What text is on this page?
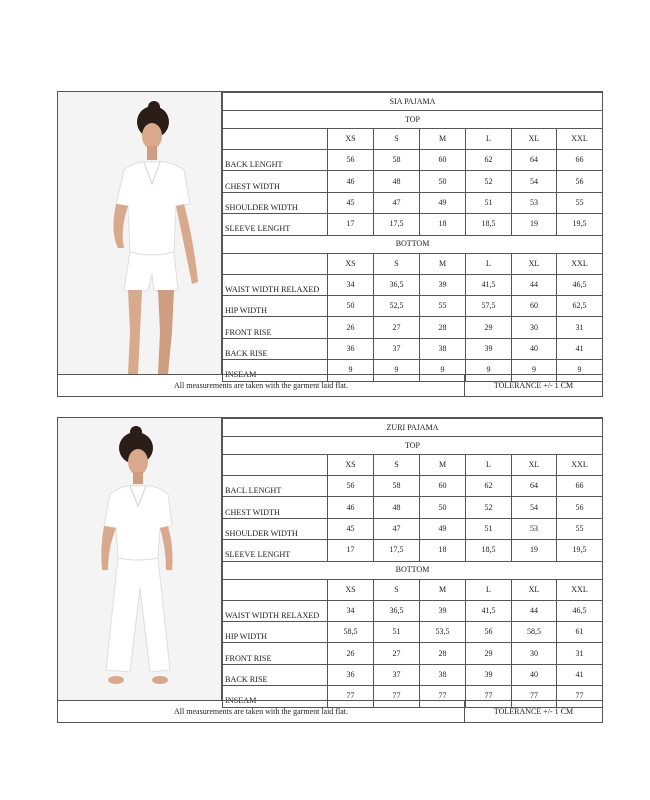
SIA PAJAMA						
TOP						
	XS	S	M	L	XL	XXL
BACK LENGHT	56	58	60	62	64	66
CHEST WIDTH	46	48	50	52	54	56
SHOULDER WIDTH	45	47	49	51	53	55
SLEEVE LENGHT	17	17,5	18	18,5	19	19,5
BOTTOM						
	XS	S	M	L	XL	XXL
WAIST WIDTH RELAXED	34	36,5	39	41,5	44	46,5
HIP WIDTH	50	52,5	55	57,5	60	62,5
FRONT RISE	26	27	28	29	30	31
BACK RISE	36	37	38	39	40	41
INSEAM	9	9	9	9	9	9
All measurements are taken with the garment laid flat.	TOLERANCE +/- 1 CM
ZURI PAJAMA						
TOP						
	XS	S	M	L	XL	XXL
BACL LENGHT	56	58	60	62	64	66
CHEST WIDTH	46	48	50	52	54	56
SHOULDER WIDTH	45	47	49	51	53	55
SLEEVE LENGHT	17	17,5	18	18,5	19	19,5
BOTTOM						
	XS	S	M	L	XL	XXL
WAIST WIDTH RELAXED	34	36,5	39	41,5	44	46,5
HIP WIDTH	58,5	51	53,5	56	58,5	61
FRONT RISE	26	27	28	29	30	31
BACK RISE	36	37	38	39	40	41
INSEAM	77	77	77	77	77	77
All measurements are taken with the garment laid flat.	TOLERANCE +/- 1 CM
